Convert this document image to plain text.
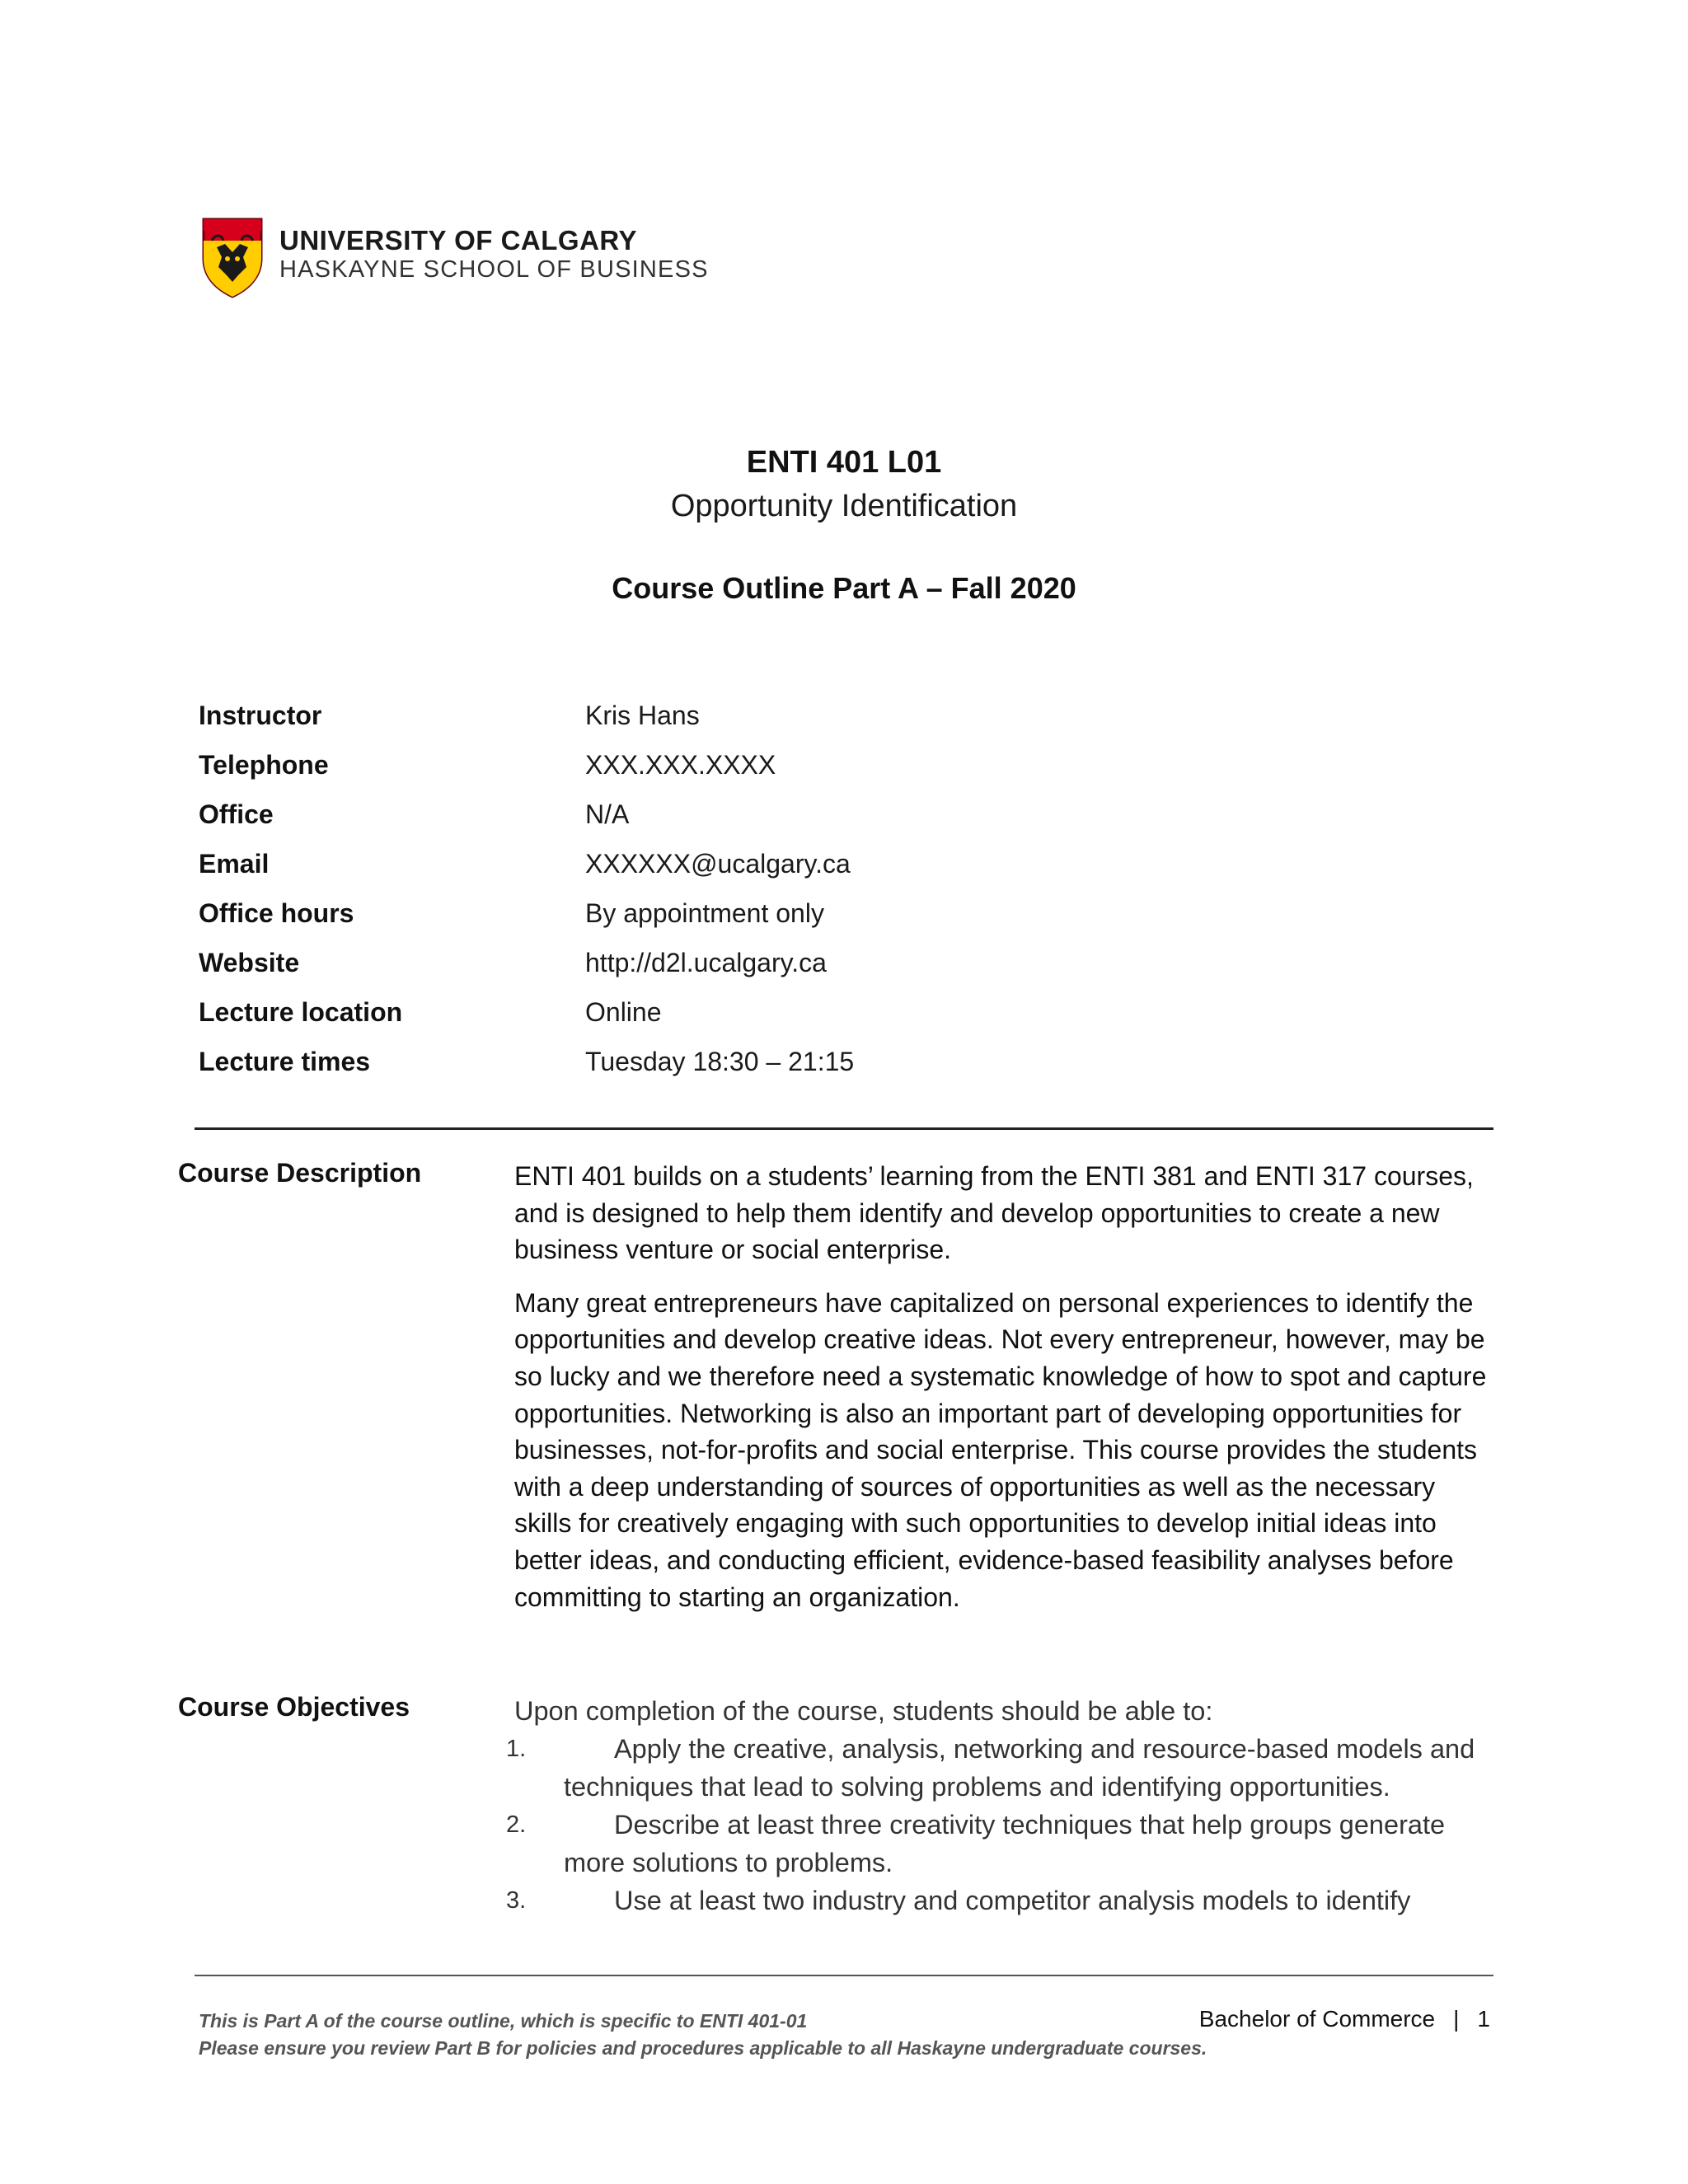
UNIVERSITY OF CALGARY
HASKAYNE SCHOOL OF BUSINESS
ENTI 401 L01
Opportunity Identification
Course Outline Part A – Fall 2020
Instructor	Kris Hans
Telephone	XXX.XXX.XXXX
Office	N/A
Email	XXXXXX@ucalgary.ca
Office hours	By appointment only
Website	http://d2l.ucalgary.ca
Lecture location	Online
Lecture times	Tuesday 18:30 – 21:15
Course Description	ENTI 401 builds on a students’ learning from the ENTI 381 and ENTI 317 courses, and is designed to help them identify and develop opportunities to create a new business venture or social enterprise.

Many great entrepreneurs have capitalized on personal experiences to identify the opportunities and develop creative ideas. Not every entrepreneur, however, may be so lucky and we therefore need a systematic knowledge of how to spot and capture opportunities. Networking is also an important part of developing opportunities for businesses, not-for-profits and social enterprise. This course provides the students with a deep understanding of sources of opportunities as well as the necessary skills for creatively engaging with such opportunities to develop initial ideas into better ideas, and conducting efficient, evidence-based feasibility analyses before committing to starting an organization.

Course Objectives	Upon completion of the course, students should be able to:

1.	Apply the creative, analysis, networking and resource-based models and techniques that lead to solving problems and identifying opportunities.
2.	Describe at least three creativity techniques that help groups generate more solutions to problems.
3.	Use at least two industry and competitor analysis models to identify
This is Part A of the course outline, which is specific to ENTI 401-01
Please ensure you review Part B for policies and procedures applicable to all Haskayne undergraduate courses.
Bachelor of Commerce | 1
